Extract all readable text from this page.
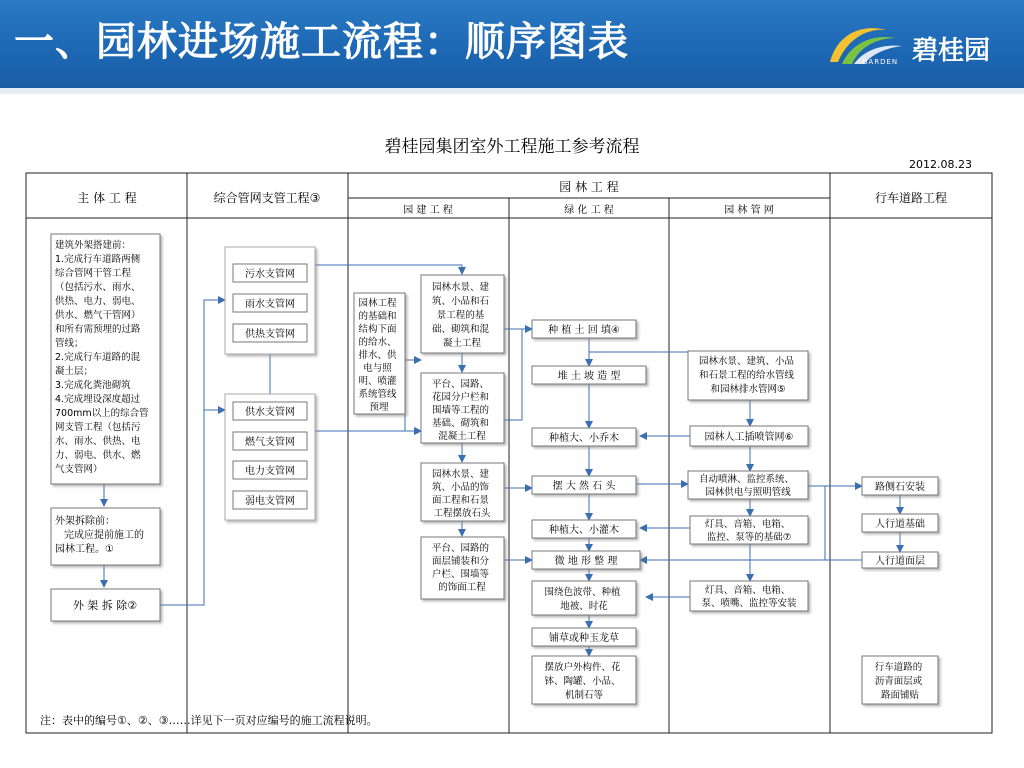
一、园林进场施工流程：顺序图表	GARDEN 碧桂园
碧桂园集团室外工程施工参考流程
2012.08.23
主 体 工 程	综合管网支管工程③
园 林 工 程
园 建 工 程	绿 化 工 程	园 林 管 网
行车道路工程
建筑外架搭建前： 1.完成行车道路两侧 综合管网干管工程 （包括污水、雨水、 供热、电力、弱电、 供水、燃气干管网） 和所有需预埋的过路 管线； 2.完成行车道路的混 凝土层； 3.完成化粪池砌筑 4.完成埋设深度超过 700mm以上的综合管 网支管工程（包括污 水、雨水、供热、电 力、弱电、供水、燃 气支管网）
外架拆除前： 完成应提前施工的 园林工程。①
外 架 拆 除②
污水支管网
雨水支管网
供热支管网
供水支管网
燃气支管网
电力支管网
弱电支管网
园林工程 的基础和 结构下面 的给水、 排水、供 电与照 明、喷灌 系统管线 预埋
园林水景、建 筑、小品和石 景工程的基 础、砌筑和混 凝土工程
平台、园路、 花园分户栏和 围墙等工程的 基础、砌筑和 混凝土工程
园林水景、建 筑、小品的饰 面工程和石景 工程摆放石头
平台、园路的 面层铺装和分 户栏、围墙等 的饰面工程
种 植 土 回 填④
堆 土 坡 造 型
种植大、小乔木
摆 大 然 石 头
种植大、小灌木
微 地 形 整 理
围绕色波带、种植 地被、时花
铺草或种玉龙草
摆放户外构件、花 钵、陶罐、小品、 机制石等
园林水景、建筑、小品 和石景工程的给水管线 和园林排水管网⑤
园林人工插喷管网⑥
自动喷淋、监控系统、 园林供电与照明管线
灯具、音箱、电箱、 监控、泵等的基础⑦
灯具、音箱、电箱、 泵、喷嘴、监控等安装
路侧石安装
人行道基础
人行道面层
行车道路的 沥青面层或 路面铺贴
注：表中的编号①、②、③……详见下一页对应编号的施工流程说明。
